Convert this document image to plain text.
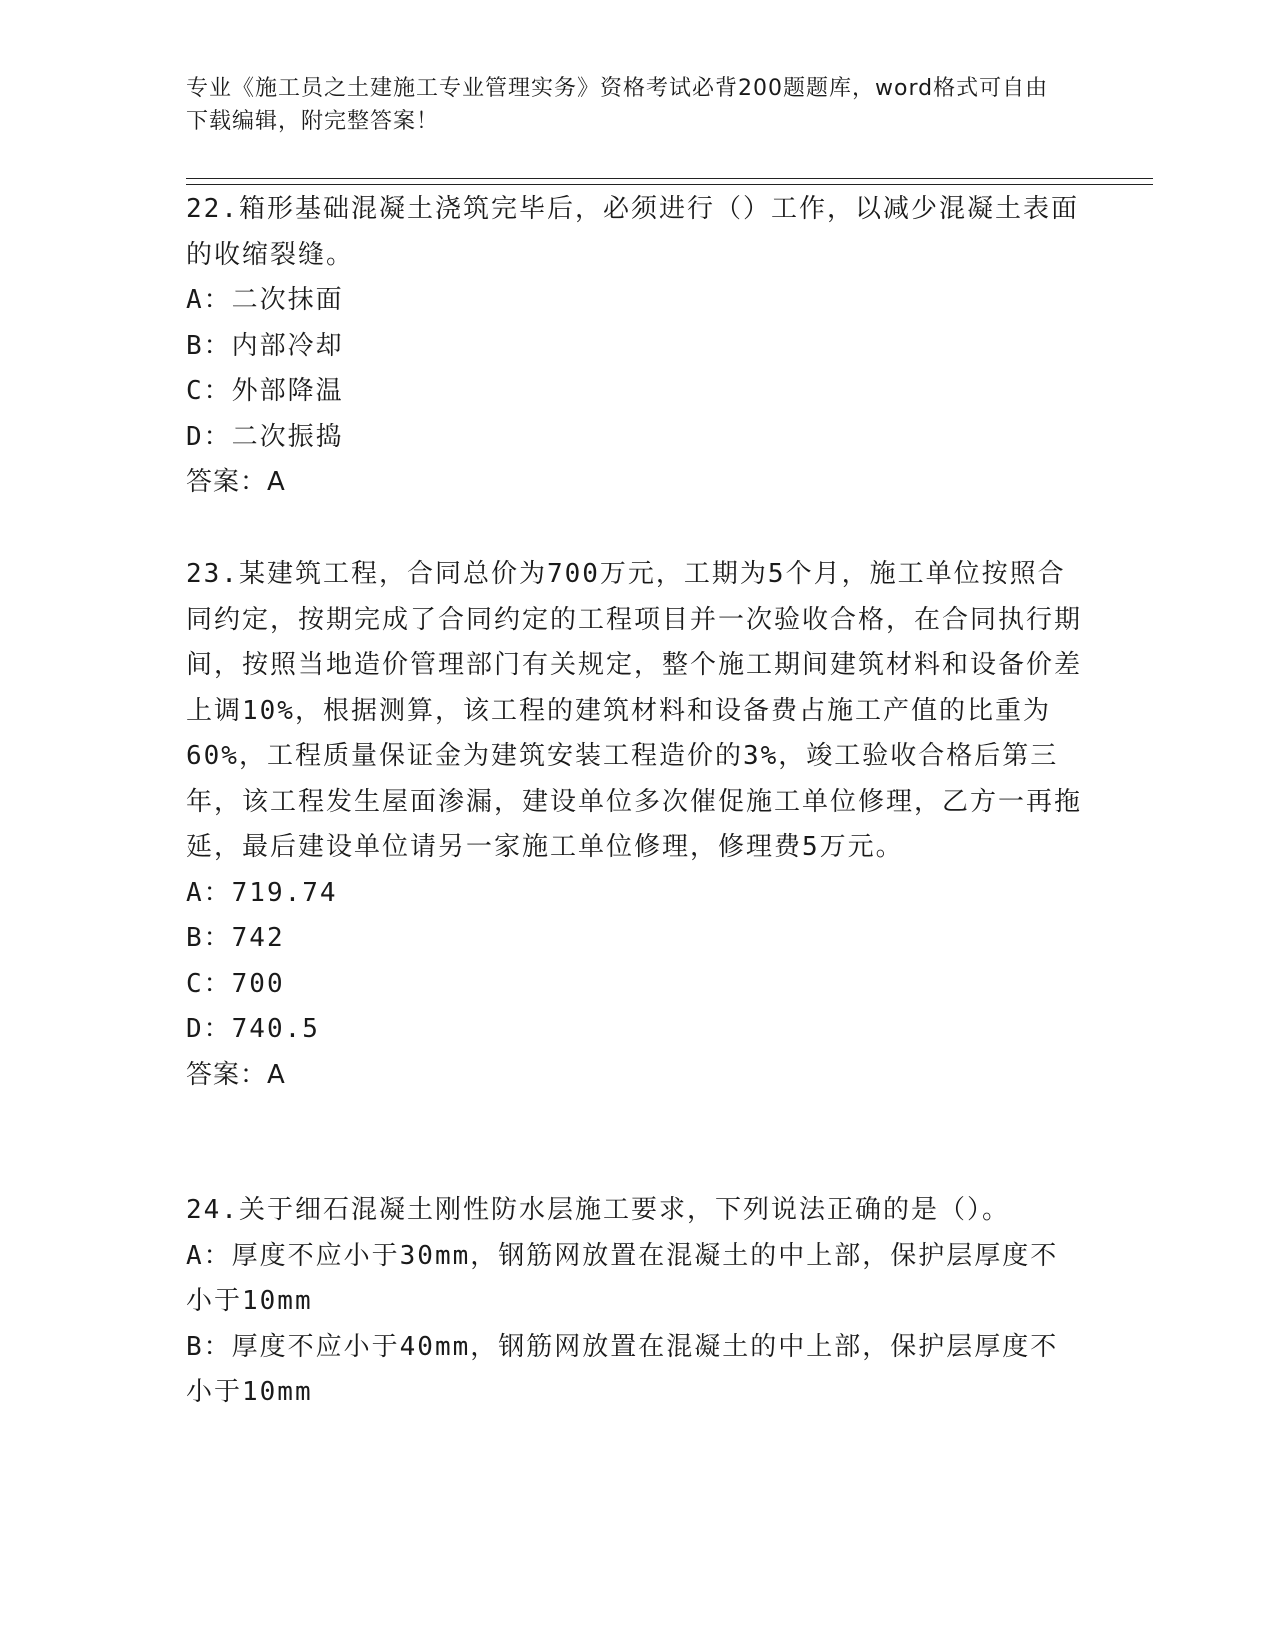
专业《施工员之土建施工专业管理实务》资格考试必背200题题库，word格式可自由下载编辑，附完整答案！
22.箱形基础混凝土浇筑完毕后，必须进行（）工作，以减少混凝土表面的收缩裂缝。
A：二次抹面
B：内部冷却
C：外部降温
D：二次振捣
答案：A
23.某建筑工程，合同总价为700万元，工期为5个月，施工单位按照合同约定，按期完成了合同约定的工程项目并一次验收合格，在合同执行期间，按照当地造价管理部门有关规定，整个施工期间建筑材料和设备价差上调10%，根据测算，该工程的建筑材料和设备费占施工产值的比重为60%，工程质量保证金为建筑安装工程造价的3%，竣工验收合格后第三年，该工程发生屋面渗漏，建设单位多次催促施工单位修理，乙方一再拖延，最后建设单位请另一家施工单位修理，修理费5万元。
A：719.74
B：742
C：700
D：740.5
答案：A
24.关于细石混凝土刚性防水层施工要求，下列说法正确的是（）。
A：厚度不应小于30mm，钢筋网放置在混凝土的中上部，保护层厚度不小于10mm
B：厚度不应小于40mm，钢筋网放置在混凝土的中上部，保护层厚度不小于10mm
